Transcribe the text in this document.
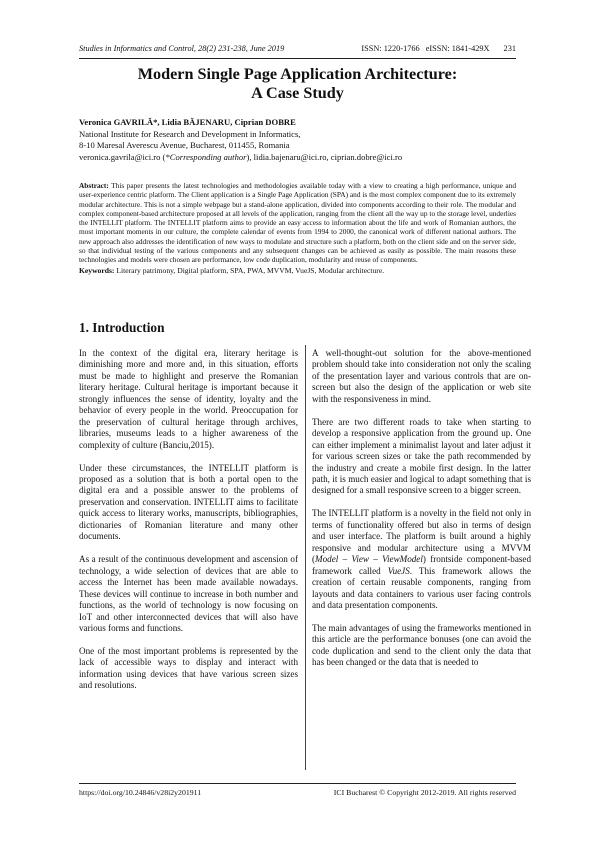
Studies in Informatics and Control, 28(2) 231-238, June 2019	ISSN: 1220-1766 eISSN: 1841-429X 231
Modern Single Page Application Architecture:
A Case Study
Veronica GAVRILĂ*, Lidia BĂJENARU, Ciprian DOBRE
National Institute for Research and Development in Informatics,
8-10 Maresal Averescu Avenue, Bucharest, 011455, Romania
veronica.gavrila@ici.ro (*Corresponding author), lidia.bajenaru@ici.ro, ciprian.dobre@ici.ro

Abstract: This paper presents the latest technologies and methodologies available today with a view to creating a high performance, unique and user-experience centric platform. The Client application is a Single Page Application (SPA) and is the most complex component due to its extremely modular architecture. This is not a simple webpage but a stand-alone application, divided into components according to their role. The modular and complex component-based architecture proposed at all levels of the application, ranging from the client all the way up to the storage level, underlies the INTELLIT platform. The INTELLIT platform aims to provide an easy access to information about the life and work of Romanian authors, the most important moments in our culture, the complete calendar of events from 1994 to 2000, the canonical work of different national authors. The new approach also addresses the identification of new ways to modulate and structure such a platform, both on the client side and on the server side, so that individual testing of the various components and any subsequent changes can be achieved as easily as possible. The main reasons these technologies and models were chosen are performance, low code duplication, modularity and reuse of components.

Keywords: Literary patrimony, Digital platform, SPA, PWA, MVVM, VueJS, Modular architecture.

1. Introduction

In the context of the digital era, literary heritage is diminishing more and more and, in this situation, efforts must be made to highlight and preserve the Romanian literary heritage. Cultural heritage is important because it strongly influences the sense of identity, loyalty and the behavior of every people in the world. Preoccupation for the preservation of cultural heritage through archives, libraries, museums leads to a higher awareness of the complexity of culture (Banciu,2015).

Under these circumstances, the INTELLIT platform is proposed as a solution that is both a portal open to the digital era and a possible answer to the problems of preservation and conservation. INTELLIT aims to facilitate quick access to literary works, manuscripts, bibliographies, dictionaries of Romanian literature and many other documents.

As a result of the continuous development and ascension of technology, a wide selection of devices that are able to access the Internet has been made available nowadays. These devices will continue to increase in both number and functions, as the world of technology is now focusing on IoT and other interconnected devices that will also have various forms and functions.

One of the most important problems is represented by the lack of accessible ways to display and interact with information using devices that have various screen sizes and resolutions.

A well-thought-out solution for the above-mentioned problem should take into consideration not only the scaling of the presentation layer and various controls that are on-screen but also the design of the application or web site with the responsiveness in mind.

There are two different roads to take when starting to develop a responsive application from the ground up. One can either implement a minimalist layout and later adjust it for various screen sizes or take the path recommended by the industry and create a mobile first design. In the latter path, it is much easier and logical to adapt something that is designed for a small responsive screen to a bigger screen.

The INTELLIT platform is a novelty in the field not only in terms of functionality offered but also in terms of design and user interface. The platform is built around a highly responsive and modular architecture using a MVVM (Model – View – ViewModel) frontside component-based framework called VueJS. This framework allows the creation of certain reusable components, ranging from layouts and data containers to various user facing controls and data presentation components.

The main advantages of using the frameworks mentioned in this article are the performance bonuses (one can avoid the code duplication and send to the client only the data that has been changed or the data that is needed to

https://doi.org/10.24846/v28i2y201911	ICI Bucharest © Copyright 2012-2019. All rights reserved
